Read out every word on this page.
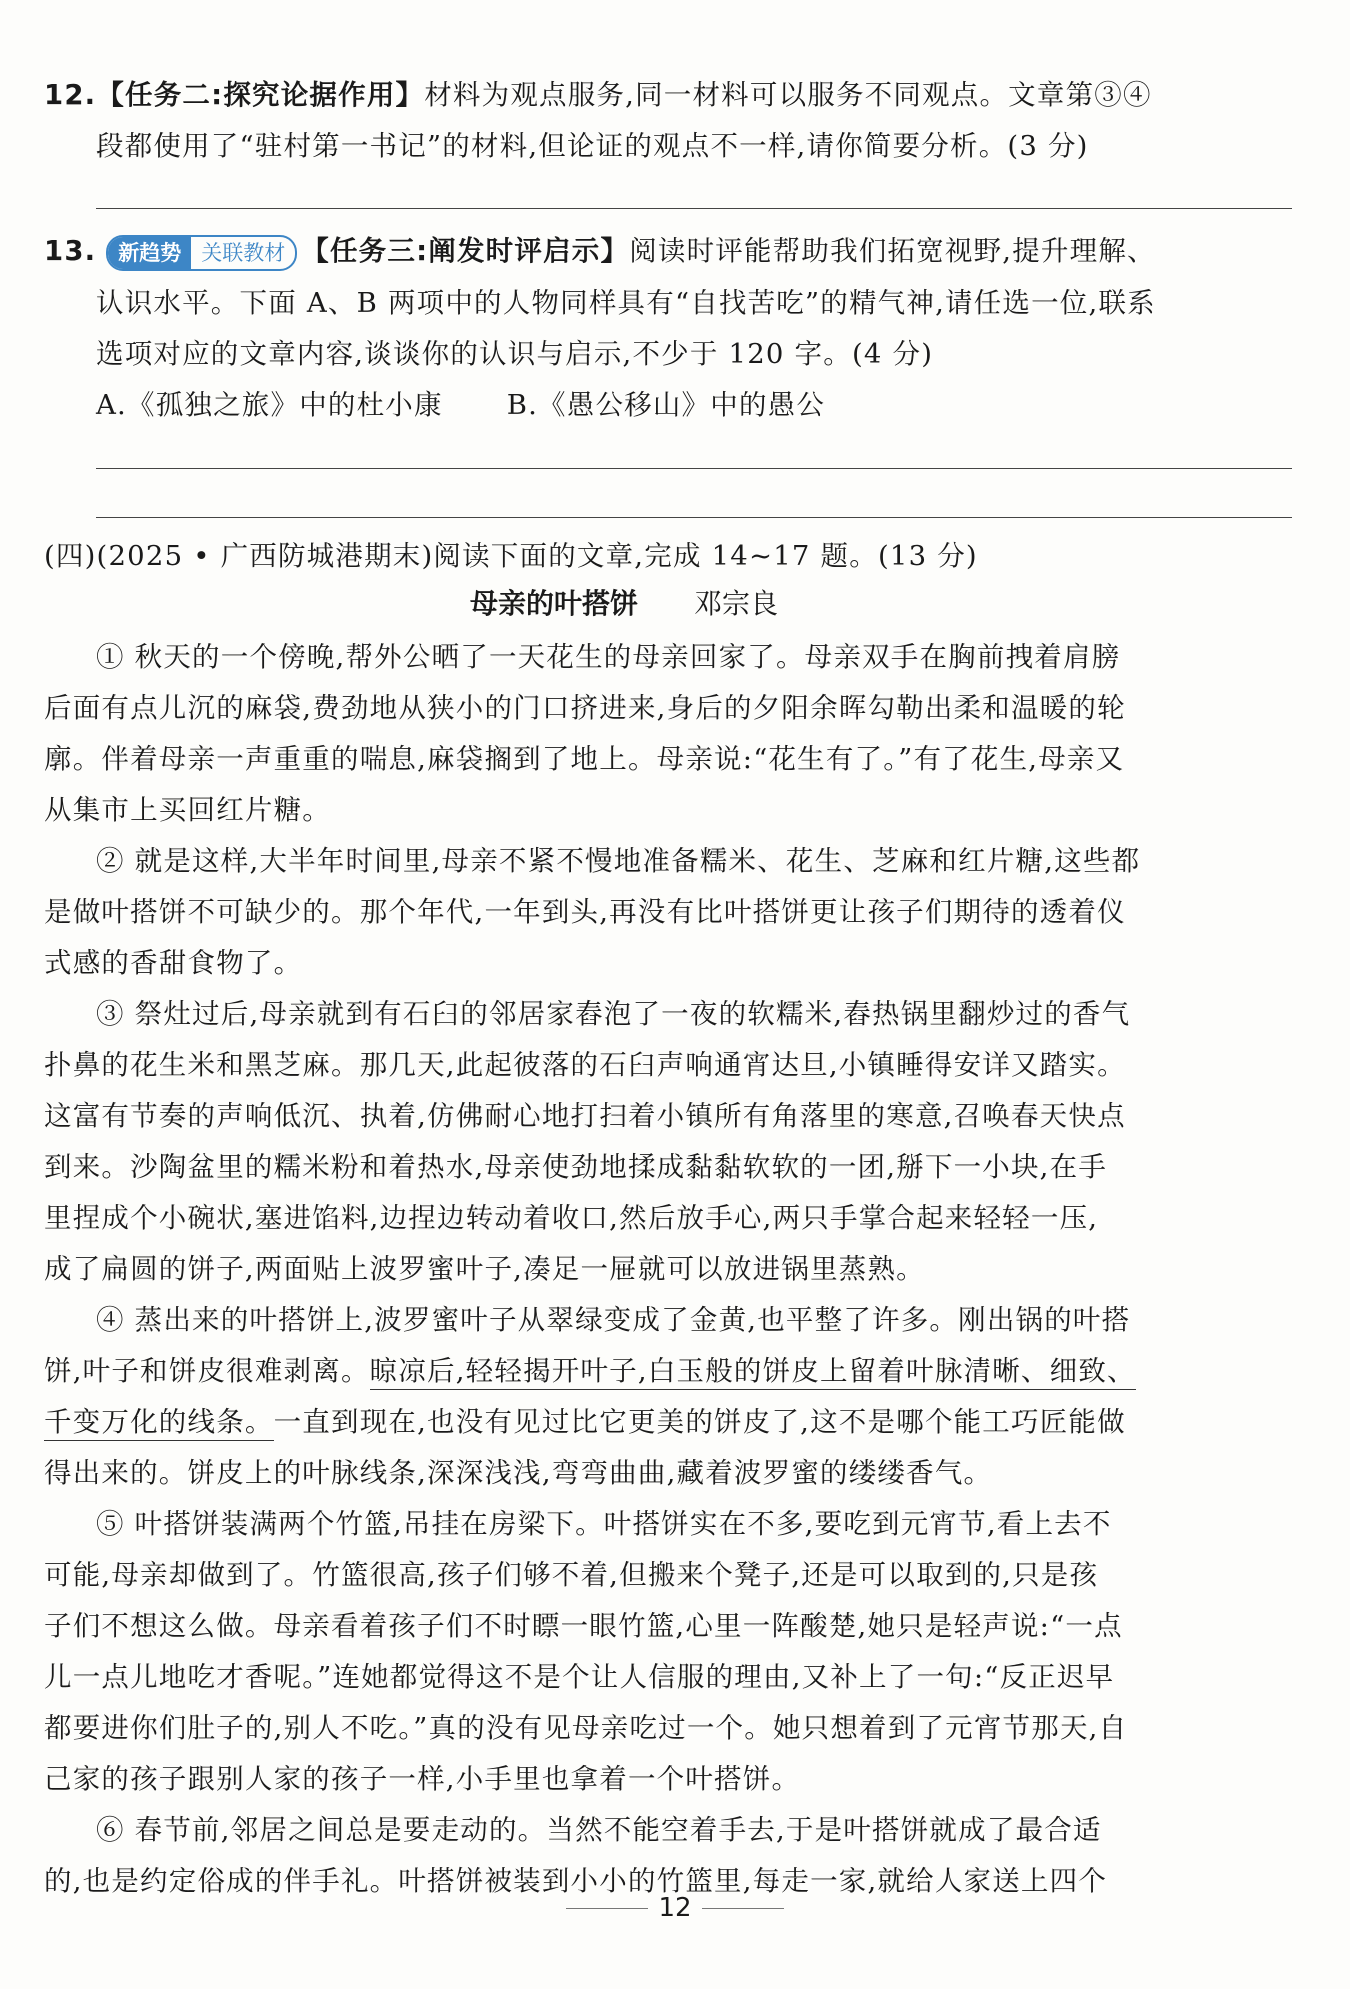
12.【任务二:探究论据作用】材料为观点服务,同一材料可以服务不同观点。文章第③④
段都使用了“驻村第一书记”的材料,但论证的观点不一样,请你简要分析。(3 分)
13. 新趋势 关联教材 【任务三:阐发时评启示】阅读时评能帮助我们拓宽视野,提升理解、
认识水平。下面 A、B 两项中的人物同样具有“自找苦吃”的精气神,请任选一位,联系
选项对应的文章内容,谈谈你的认识与启示,不少于 120 字。(4 分)
A.《孤独之旅》中的杜小康 B.《愚公移山》中的愚公
(四)(2025 • 广西防城港期末)阅读下面的文章,完成 14~17 题。(13 分)
母亲的叶搭饼 邓宗良
① 秋天的一个傍晚,帮外公晒了一天花生的母亲回家了。母亲双手在胸前拽着肩膀
后面有点儿沉的麻袋,费劲地从狭小的门口挤进来,身后的夕阳余晖勾勒出柔和温暖的轮
廓。伴着母亲一声重重的喘息,麻袋搁到了地上。母亲说:“花生有了。”有了花生,母亲又
从集市上买回红片糖。
② 就是这样,大半年时间里,母亲不紧不慢地准备糯米、花生、芝麻和红片糖,这些都
是做叶搭饼不可缺少的。那个年代,一年到头,再没有比叶搭饼更让孩子们期待的透着仪
式感的香甜食物了。
③ 祭灶过后,母亲就到有石臼的邻居家舂泡了一夜的软糯米,舂热锅里翻炒过的香气
扑鼻的花生米和黑芝麻。那几天,此起彼落的石臼声响通宵达旦,小镇睡得安详又踏实。
这富有节奏的声响低沉、执着,仿佛耐心地打扫着小镇所有角落里的寒意,召唤春天快点
到来。沙陶盆里的糯米粉和着热水,母亲使劲地揉成黏黏软软的一团,掰下一小块,在手
里捏成个小碗状,塞进馅料,边捏边转动着收口,然后放手心,两只手掌合起来轻轻一压,
成了扁圆的饼子,两面贴上波罗蜜叶子,凑足一屉就可以放进锅里蒸熟。
④ 蒸出来的叶搭饼上,波罗蜜叶子从翠绿变成了金黄,也平整了许多。刚出锅的叶搭
饼,叶子和饼皮很难剥离。晾凉后,轻轻揭开叶子,白玉般的饼皮上留着叶脉清晰、细致、
千变万化的线条。一直到现在,也没有见过比它更美的饼皮了,这不是哪个能工巧匠能做
得出来的。饼皮上的叶脉线条,深深浅浅,弯弯曲曲,藏着波罗蜜的缕缕香气。
⑤ 叶搭饼装满两个竹篮,吊挂在房梁下。叶搭饼实在不多,要吃到元宵节,看上去不
可能,母亲却做到了。竹篮很高,孩子们够不着,但搬来个凳子,还是可以取到的,只是孩
子们不想这么做。母亲看着孩子们不时瞟一眼竹篮,心里一阵酸楚,她只是轻声说:“一点
儿一点儿地吃才香呢。”连她都觉得这不是个让人信服的理由,又补上了一句:“反正迟早
都要进你们肚子的,别人不吃。”真的没有见母亲吃过一个。她只想着到了元宵节那天,自
己家的孩子跟别人家的孩子一样,小手里也拿着一个叶搭饼。
⑥ 春节前,邻居之间总是要走动的。当然不能空着手去,于是叶搭饼就成了最合适
的,也是约定俗成的伴手礼。叶搭饼被装到小小的竹篮里,每走一家,就给人家送上四个
12
